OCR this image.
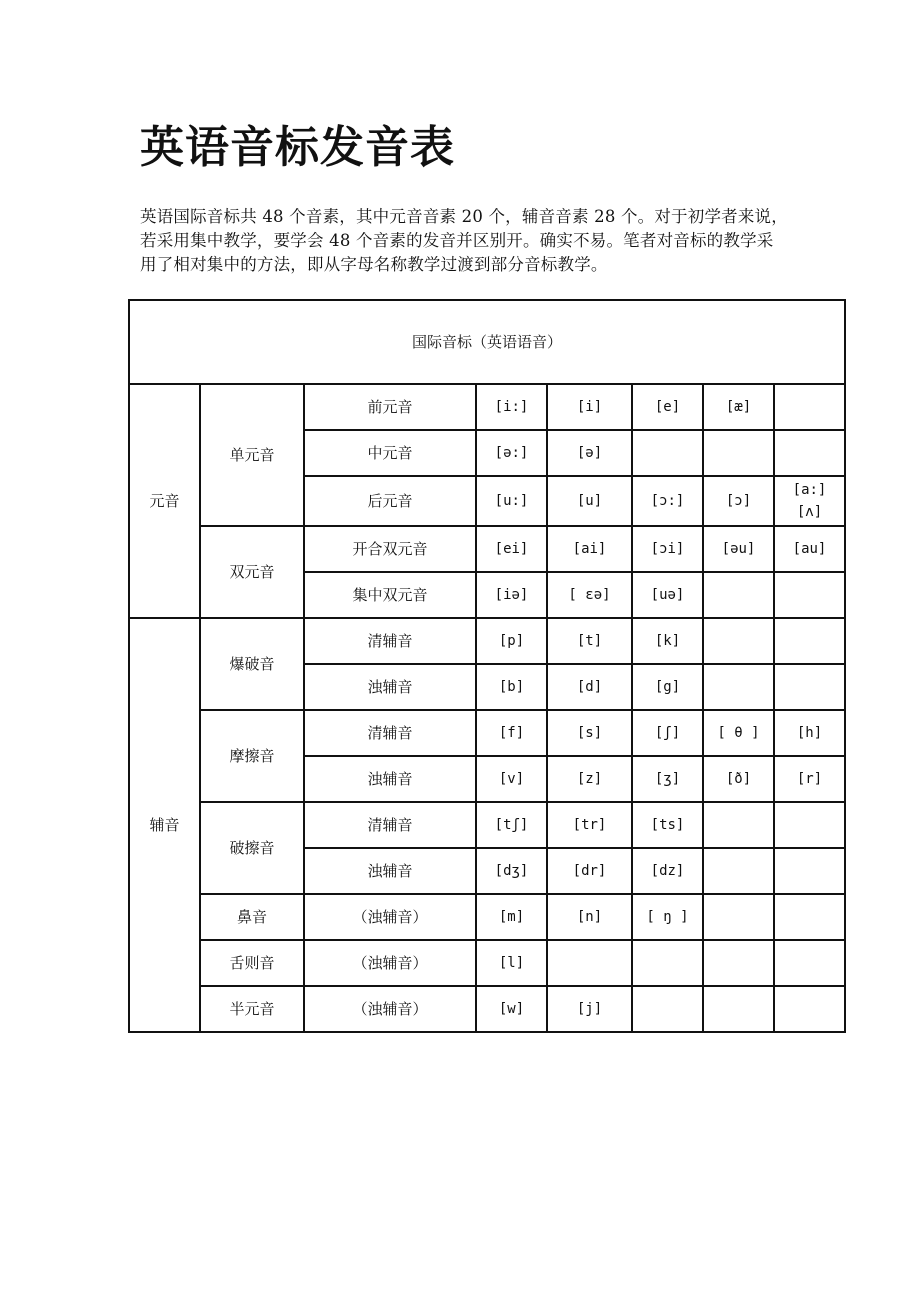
英语音标发音表

英语国际音标共 48 个音素，其中元音音素 20 个，辅音音素 28 个。对于初学者来说，若采用集中教学，要学会 48 个音素的发音并区别开。确实不易。笔者对音标的教学采用了相对集中的方法，即从字母名称教学过渡到部分音标教学。

国际音标（英语语音）							
元音	单元音	前元音	[i:]	[i]	[e]	[æ]	
		中元音	[ə:]	[ə]			
		后元音	[u:]	[u]	[ɔ:]	[ɔ]	[a:]
[ʌ]

	双元音	开合双元音	[ei]	[ai]	[ɔi]	[əu]	[au]
		集中双元音	[iə]	[ εə]	[uə]		
辅音	爆破音	清辅音	[p]	[t]	[k]		
		浊辅音	[b]	[d]	[g]		
	摩擦音	清辅音	[f]	[s]	[ʃ]	[ θ ]	[h]
		浊辅音	[v]	[z]	[ʒ]	[ð]	[r]
	破擦音	清辅音	[tʃ]	[tr]	[ts]		
		浊辅音	[dʒ]	[dr]	[dz]		
	鼻音	（浊辅音）	[m]	[n]	[ ŋ ]		
	舌则音	（浊辅音）	[l]				
	半元音	（浊辅音）	[w]	[j]			
